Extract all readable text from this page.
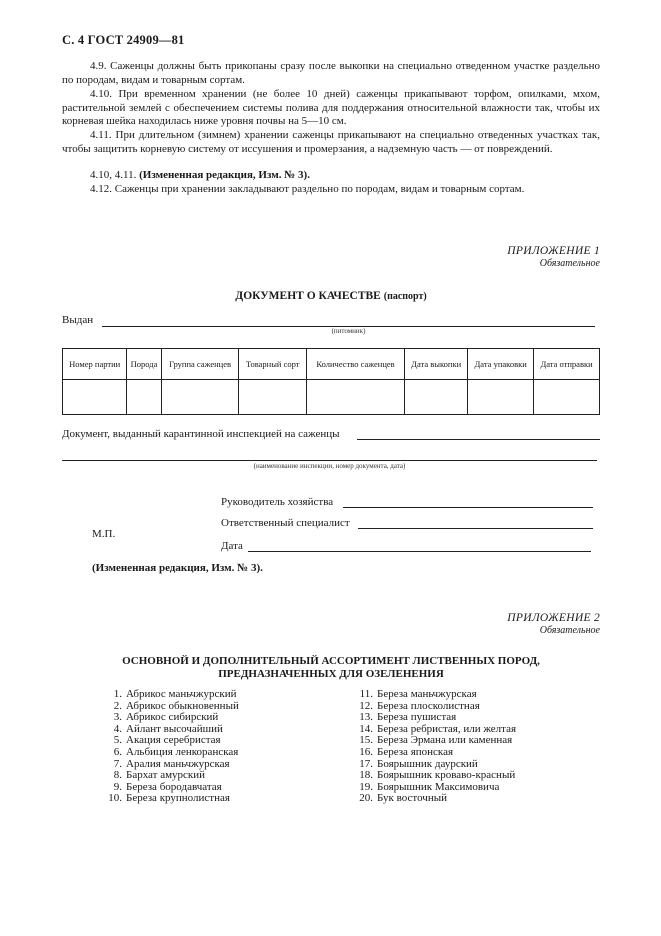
С. 4 ГОСТ 24909—81
4.9. Саженцы должны быть прикопаны сразу после выкопки на специально отведенном участке раздельно по породам, видам и товарным сортам.
4.10. При временном хранении (не более 10 дней) саженцы прикапывают торфом, опилками, мхом, растительной землей с обеспечением системы полива для поддержания относительной влажности так, чтобы их корневая шейка находилась ниже уровня почвы на 5—10 см.
4.11. При длительном (зимнем) хранении саженцы прикапывают на специально отведенных участках так, чтобы защитить корневую систему от иссушения и промерзания, а надземную часть — от повреждений.
4.10, 4.11. (Измененная редакция, Изм. № 3).
4.12. Саженцы при хранении закладывают раздельно по породам, видам и товарным сортам.
ПРИЛОЖЕНИЕ 1
Обязательное
ДОКУМЕНТ О КАЧЕСТВЕ (паспорт)
Выдан
(питомник)
Номер партии	Порода	Группа саженцев	Товарный сорт	Количество саженцев	Дата выкопки	Дата упаковки	Дата отправки

Документ, выданный карантинной инспекцией на саженцы
(наименование инспекции, номер документа, дата)
Руководитель хозяйства
Ответственный специалист
М.П.
Дата
(Измененная редакция, Изм. № 3).
ПРИЛОЖЕНИЕ 2
Обязательное
ОСНОВНОЙ И ДОПОЛНИТЕЛЬНЫЙ АССОРТИМЕНТ ЛИСТВЕННЫХ ПОРОД,
ПРЕДНАЗНАЧЕННЫХ ДЛЯ ОЗЕЛЕНЕНИЯ
1. Абрикос маньчжурский
2. Абрикос обыкновенный
3. Абрикос сибирский
4. Айлант высочайший
5. Акация серебристая
6. Альбиция ленкоранская
7. Аралия маньчжурская
8. Бархат амурский
9. Береза бородавчатая
10. Береза крупнолистная
11. Береза маньчжурская
12. Береза плосколистная
13. Береза пушистая
14. Береза ребристая, или желтая
15. Береза Эрмана или каменная
16. Береза японская
17. Боярышник даурский
18. Боярышник кроваво-красный
19. Боярышник Максимовича
20. Бук восточный
